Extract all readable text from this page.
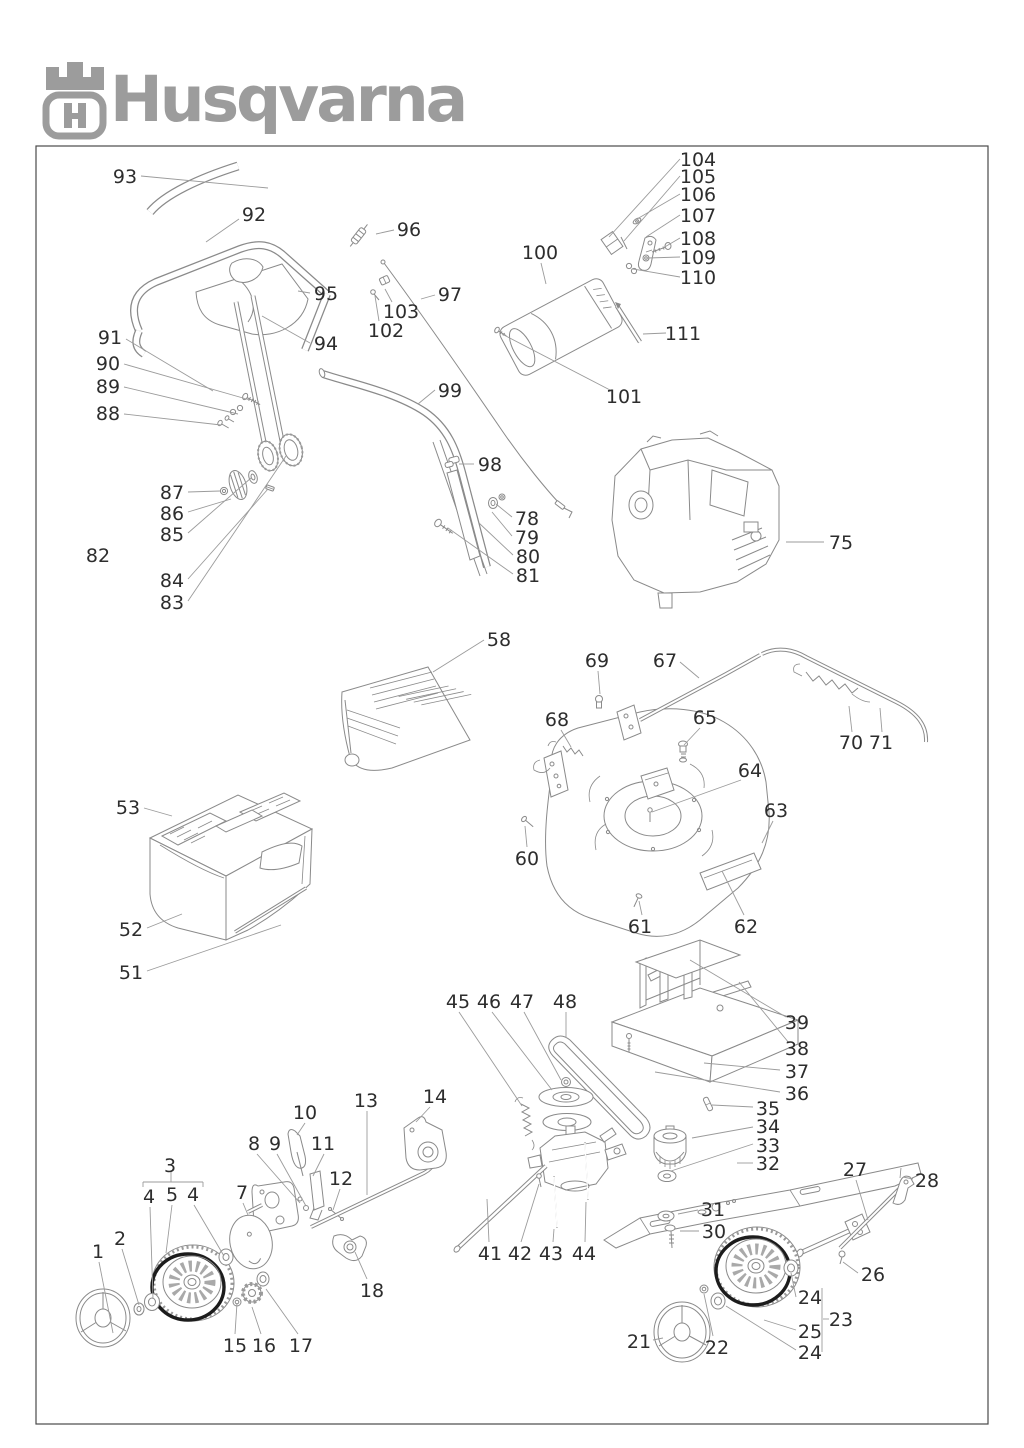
Husqvarna
93
92
96
95
94
91
90
89
88
87
86
85
82
84
83
97
103
102
99
98
78
79
80
81
104
105
106
107
108
109
110
100
111
101
75
58
69 67
68	65
64
63
70 71
60
61	62
53
52
51
45 46 47 48
39
38
37
36
35
34
33
32
31
30
27	28
26
21	22
24
23
25
24
15 16 17
18
41 42 43 44
10
13 14
8 9 11
12
3
4 5 4 7
2
1
